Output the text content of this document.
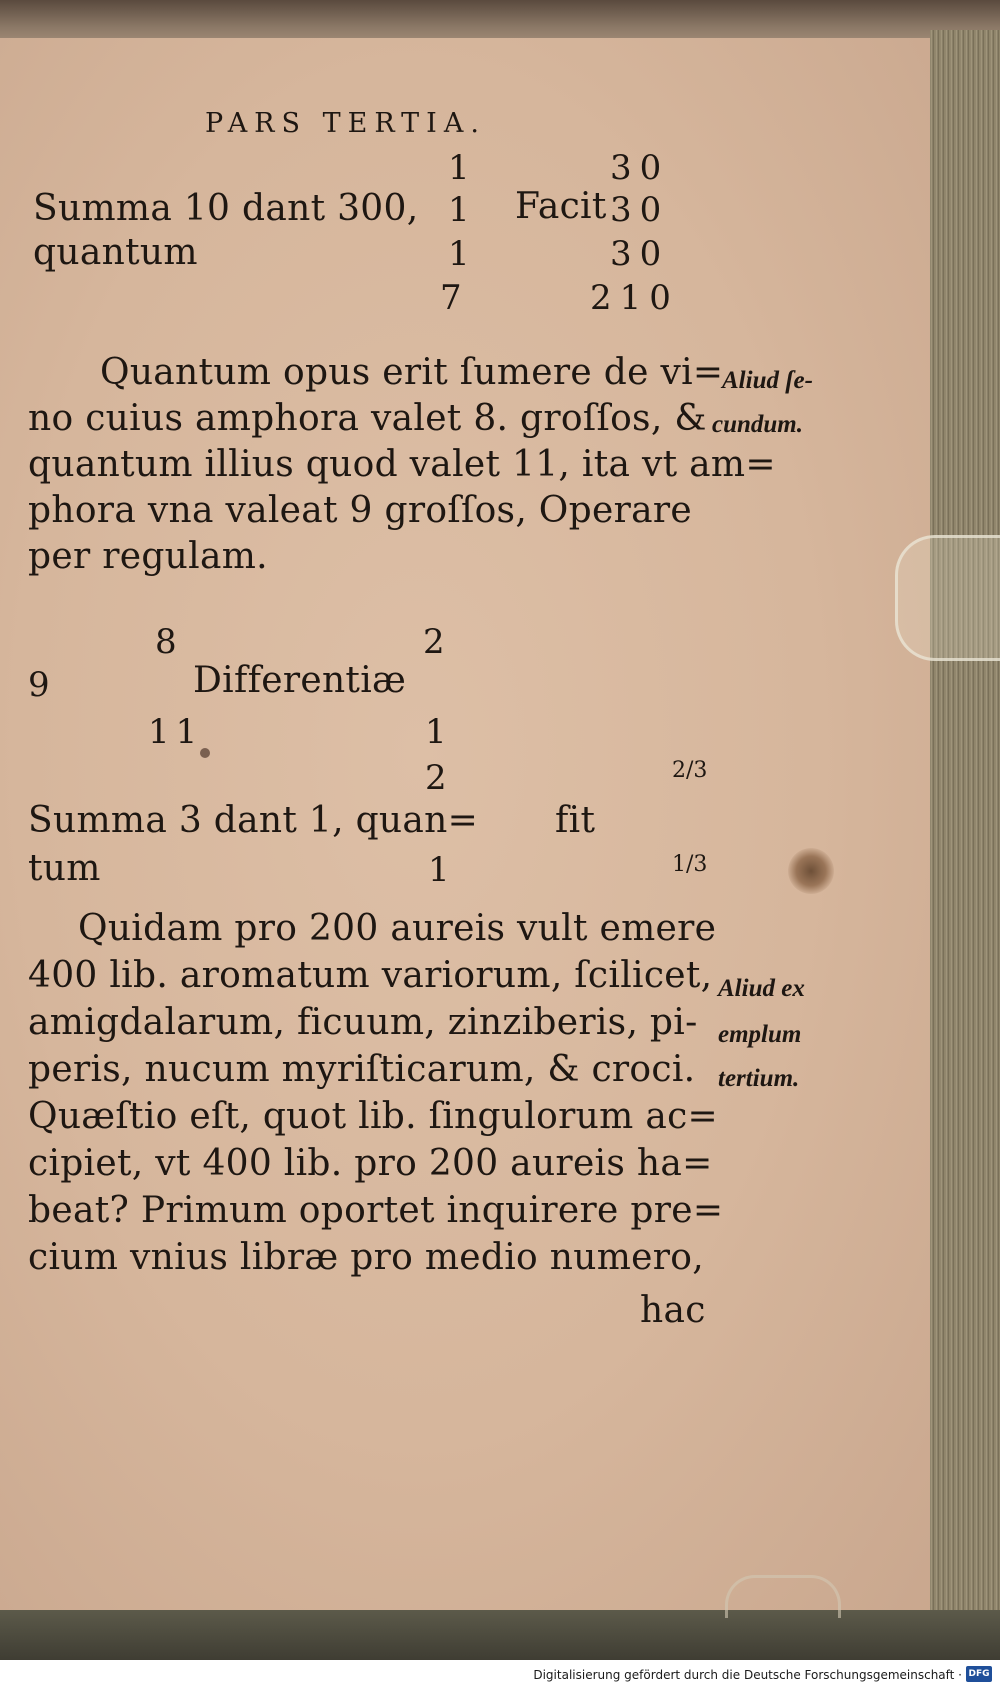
PARS TERTIA.
1	30
Summa 10 dant 300, 1 Facit 30
quantum	1	30
7	210
Quantum opus erit ſumere de vi=
no cuius amphora valet 8. groſſos, &
quantum illius quod valet 11, ita vt am=
phora vna valeat 9 groſſos, Operare
per regulam.
Aliud ſe-
cundum.
8	2
9	Differentiæ
11	1
2	2/3
Summa 3 dant 1, quan= fit
tum	1	1/3
Quidam pro 200 aureis vult emere
400 lib. aromatum variorum, ſcilicet,
amigdalarum, ficuum, zinziberis, pi-
peris, nucum myriſticarum, & croci.
Quæſtio eſt, quot lib. ſingulorum ac=
cipiet, vt 400 lib. pro 200 aureis ha=
beat? Primum oportet inquirere pre=
cium vnius libræ pro medio numero,
hac
Aliud ex
emplum
tertium.
Digitalisierung gefördert durch die Deutsche Forschungsgemeinschaft · DFG
